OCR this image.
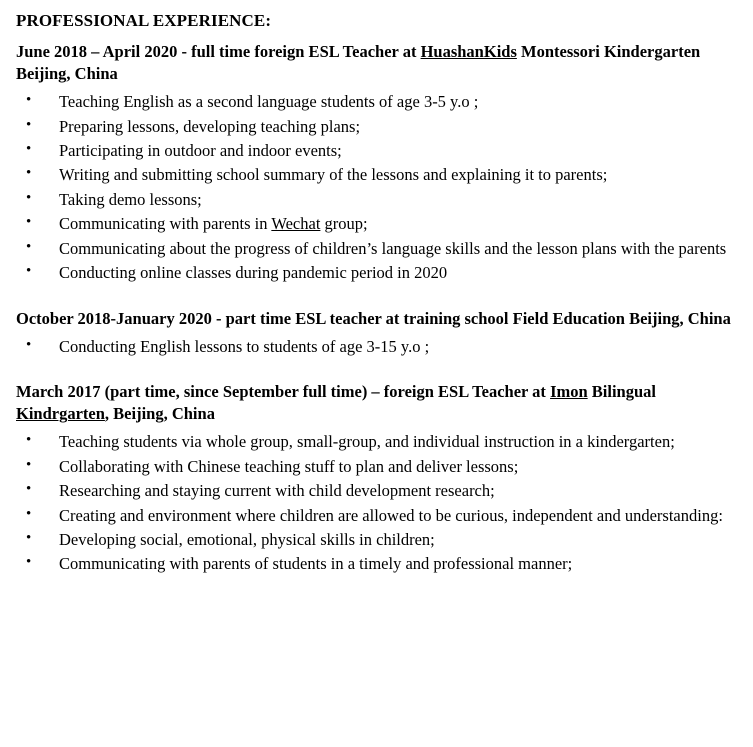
PROFESSIONAL EXPERIENCE:
June 2018 – April 2020 - full time foreign ESL Teacher at HuashanKids Montessori Kindergarten Beijing, China
• Teaching English as a second language students of age 3-5 y.o ;
• Preparing lessons, developing teaching plans;
• Participating in outdoor and indoor events;
• Writing and submitting school summary of the lessons and explaining it to parents;
• Taking demo lessons;
• Communicating with parents in Wechat group;
• Communicating about the progress of children’s language skills and the lesson plans with the parents
• Conducting online classes during pandemic period in 2020
October 2018-January 2020 - part time ESL teacher at training school Field Education Beijing, China
• Conducting English lessons to students of age 3-15 y.o ;
March 2017 (part time, since September full time) – foreign ESL Teacher at Imon Bilingual Kindrgarten, Beijing, China
• Teaching students via whole group, small-group, and individual instruction in a kindergarten;
• Collaborating with Chinese teaching stuff to plan and deliver lessons;
• Researching and staying current with child development research;
• Creating and environment where children are allowed to be curious, independent and understanding:
• Developing social, emotional, physical skills in children;
• Communicating with parents of students in a timely and professional manner;
